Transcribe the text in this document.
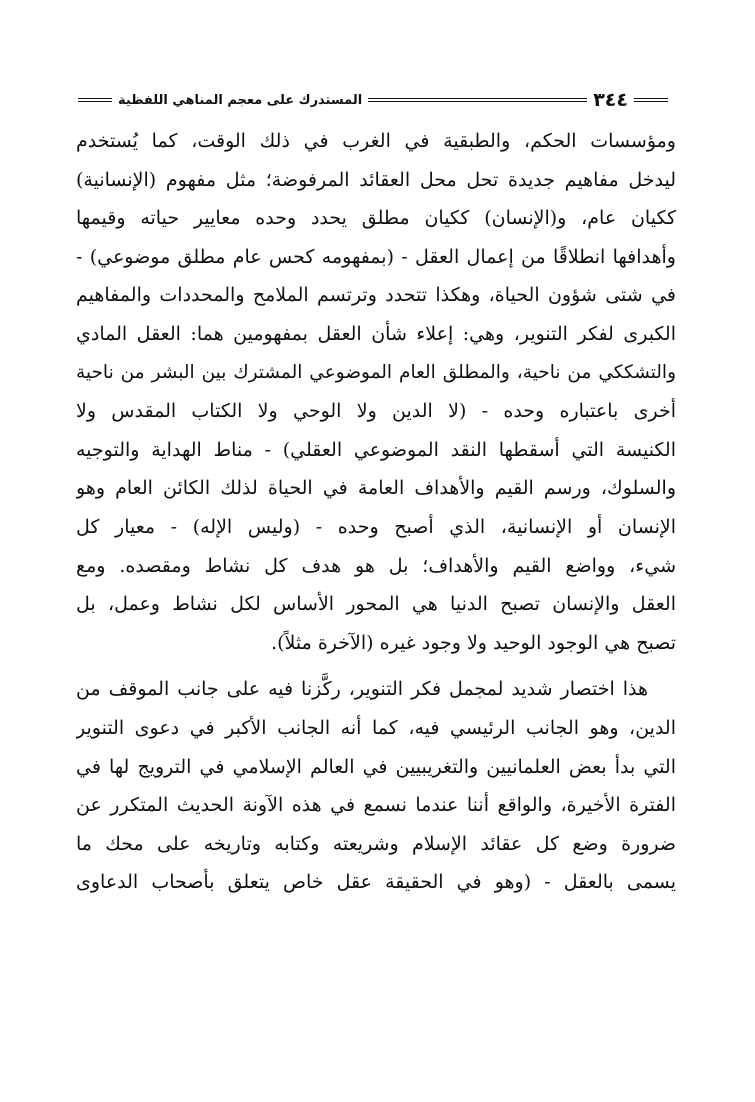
٣٤٤
المستدرك على معجم المناهي اللفظية
ومؤسسات الحكم، والطبقية في الغرب في ذلك الوقت، كما يُستخدم
ليدخل مفاهيم جديدة تحل محل العقائد المرفوضة؛ مثل مفهوم (الإنسانية)
ككيان عام، و(الإنسان) ككيان مطلق يحدد وحده معايير حياته وقيمها
وأهدافها انطلاقًا من إعمال العقل - (بمفهومه كحس عام مطلق موضوعي) -
في شتى شؤون الحياة، وهكذا تتحدد وترتسم الملامح والمحددات والمفاهيم
الكبرى لفكر التنوير، وهي: إعلاء شأن العقل بمفهومين هما: العقل المادي
والتشككي من ناحية، والمطلق العام الموضوعي المشترك بين البشر من ناحية
أخرى باعتباره وحده - (لا الدين ولا الوحي ولا الكتاب المقدس ولا
الكنيسة التي أسقطها النقد الموضوعي العقلي) - مناط الهداية والتوجيه
والسلوك، ورسم القيم والأهداف العامة في الحياة لذلك الكائن العام وهو
الإنسان أو الإنسانية، الذي أصبح وحده - (وليس الإله) - معيار كل
شيء، وواضع القيم والأهداف؛ بل هو هدف كل نشاط ومقصده. ومع
العقل والإنسان تصبح الدنيا هي المحور الأساس لكل نشاط وعمل، بل
تصبح هي الوجود الوحيد ولا وجود غيره (الآخرة مثلاً).
هذا اختصار شديد لمجمل فكر التنوير، ركَّزنا فيه على جانب الموقف من
الدين، وهو الجانب الرئيسي فيه، كما أنه الجانب الأكبر في دعوى التنوير
التي بدأ بعض العلمانيين والتغريبيين في العالم الإسلامي في الترويج لها في
الفترة الأخيرة، والواقع أننا عندما نسمع في هذه الآونة الحديث المتكرر عن
ضرورة وضع كل عقائد الإسلام وشريعته وكتابه وتاريخه على محك ما
يسمى بالعقل - (وهو في الحقيقة عقل خاص يتعلق بأصحاب الدعاوى
